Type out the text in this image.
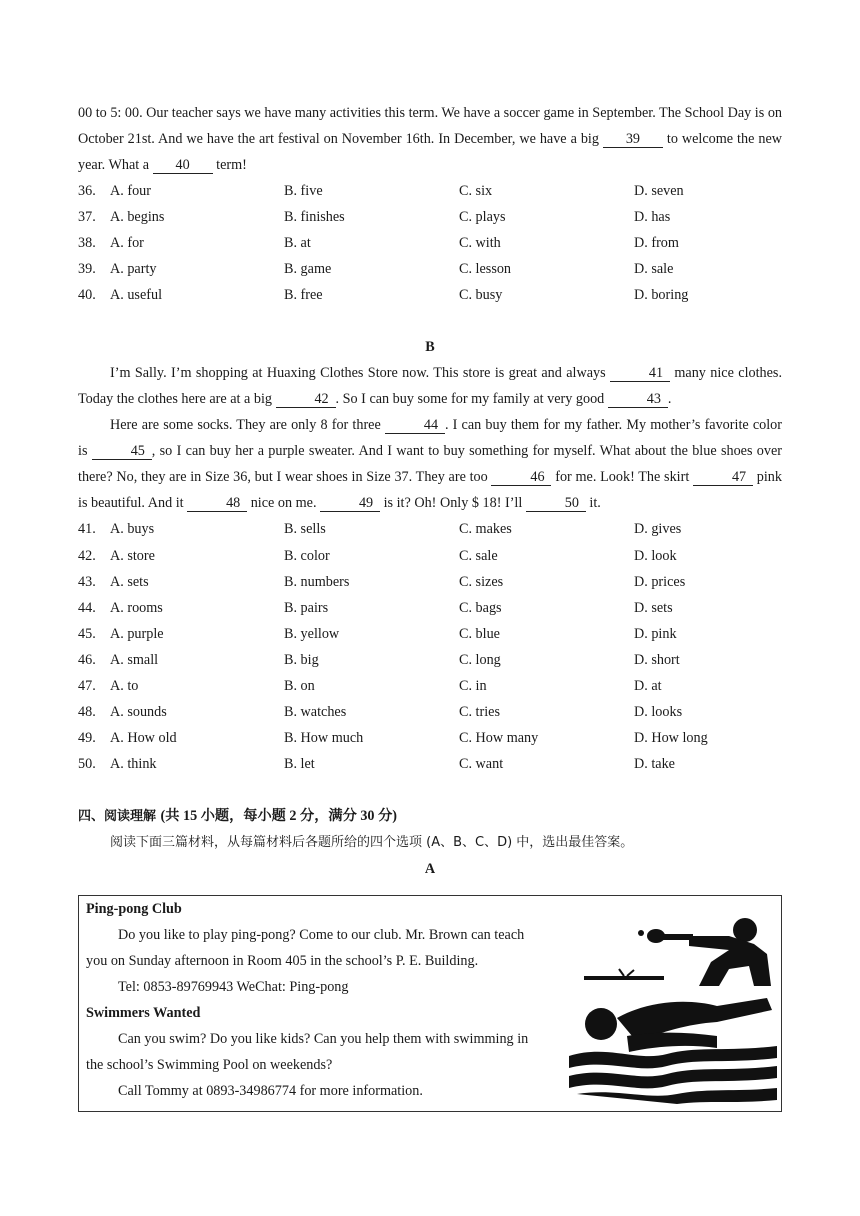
00 to 5: 00. Our teacher says we have many activities this term. We have a soccer game in September. The School Day is on October 21st. And we have the art festival on November 16th. In December, we have a big 39 to welcome the new year. What a 40 term!

36.	A. four	B. five	C. six	D. seven
37.	A. begins	B. finishes	C. plays	D. has
38.	A. for	B. at	C. with	D. from
39.	A. party	B. game	C. lesson	D. sale
40.	A. useful	B. free	C. busy	D. boring
B

I’m Sally. I’m shopping at Huaxing Clothes Store now. This store is great and always	41 many nice clothes. Today the clothes here are at a big	42 . So I can buy some for my family at very good	43 .

Here are some socks. They are only 8 for three	44 . I can buy them for my father. My mother’s favorite color is	45 , so I can buy her a purple sweater. And I want to buy something for myself. What about the blue shoes over there? No, they are in Size 36, but I wear shoes in Size 37. They are too	46 for me. Look! The skirt	47 pink is beautiful. And it	48 nice on me.	49 is it? Oh! Only $ 18! I’ll	50 it.

41.	A. buys	B. sells	C. makes	D. gives
42.	A. store	B. color	C. sale	D. look
43.	A. sets	B. numbers	C. sizes	D. prices
44.	A. rooms	B. pairs	C. bags	D. sets
45.	A. purple	B. yellow	C. blue	D. pink
46.	A. small	B. big	C. long	D. short
47.	A. to	B. on	C. in	D. at
48.	A. sounds	B. watches	C. tries	D. looks
49.	A. How old	B. How much	C. How many	D. How long
50.	A. think	B. let	C. want	D. take
四、阅读理解 (共 15 小题，每小题 2 分，满分 30 分)
阅读下面三篇材料，从每篇材料后各题所给的四个选项 (A、B、C、D) 中，选出最佳答案。
A
Ping-pong Club
Do you like to play ping-pong? Come to our club. Mr. Brown can teach
you on Sunday afternoon in Room 405 in the school’s P. E. Building.
Tel: 0853-89769943 WeChat: Ping-pong
Swimmers Wanted
Can you swim? Do you like kids? Can you help them with swimming in
the school’s Swimming Pool on weekends?
Call Tommy at 0893-34986774 for more information.
